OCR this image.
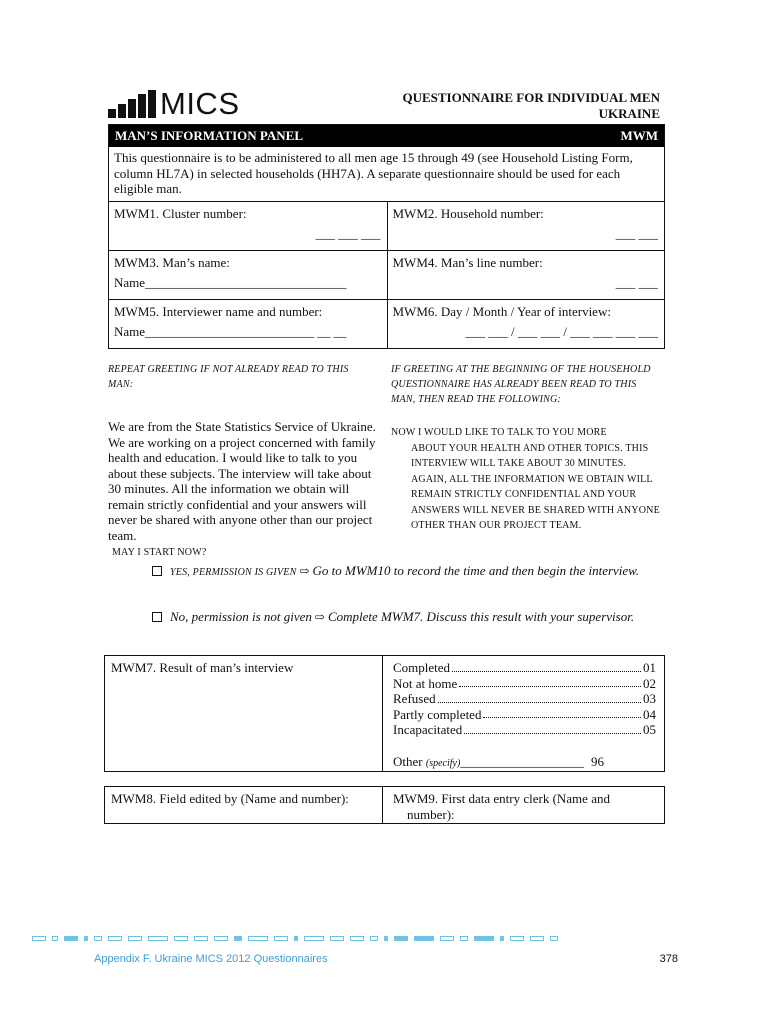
MICS	QUESTIONNAIRE FOR INDIVIDUAL MEN
UKRAINE
MAN’S INFORMATION PANEL	MWM
This questionnaire is to be administered to all men age 15 through 49 (see Household Listing Form, column HL7A) in selected households (HH7A). A separate questionnaire should be used for each eligible man.
MWM1. Cluster number:
___ ___ ___
MWM2. Household number:
___ ___
MWM3. Man’s name:
Name_______________________________
MWM4. Man’s line number:
___ ___
MWM5. Interviewer name and number:
Name__________________________ __ __
MWM6. Day / Month / Year of interview:
___ ___ / ___ ___ / ___ ___ ___ ___
REPEAT GREETING IF NOT ALREADY READ TO THIS MAN:
We are from the State Statistics Service of Ukraine. We are working on a project concerned with family health and education. I would like to talk to you about these subjects. The interview will take about 30 minutes. All the information we obtain will remain strictly confidential and your answers will never be shared with anyone other than our project team.
IF GREETING AT THE BEGINNING OF THE HOUSEHOLD QUESTIONNAIRE HAS ALREADY BEEN READ TO THIS MAN, THEN READ THE FOLLOWING:
NOW I WOULD LIKE TO TALK TO YOU MORE
ABOUT YOUR HEALTH AND OTHER TOPICS. THIS INTERVIEW WILL TAKE ABOUT 30 MINUTES. AGAIN, ALL THE INFORMATION WE OBTAIN WILL REMAIN STRICTLY CONFIDENTIAL AND YOUR ANSWERS WILL NEVER BE SHARED WITH ANYONE OTHER THAN OUR PROJECT TEAM.
MAY I START NOW?
YES, PERMISSION IS GIVEN ⇨ Go to MWM10 to record the time and then begin the interview.
No, permission is not given ⇨ Complete MWM7. Discuss this result with your supervisor.
MWM7. Result of man’s interview	Completed	01
Not at home	02
Refused	03
Partly completed	04
Incapacitated	05
Other (specify)___________________ 96
MWM8. Field edited by (Name and number):	MWM9. First data entry clerk (Name and
number):
Appendix F. Ukraine MICS 2012 Questionnaires	378
